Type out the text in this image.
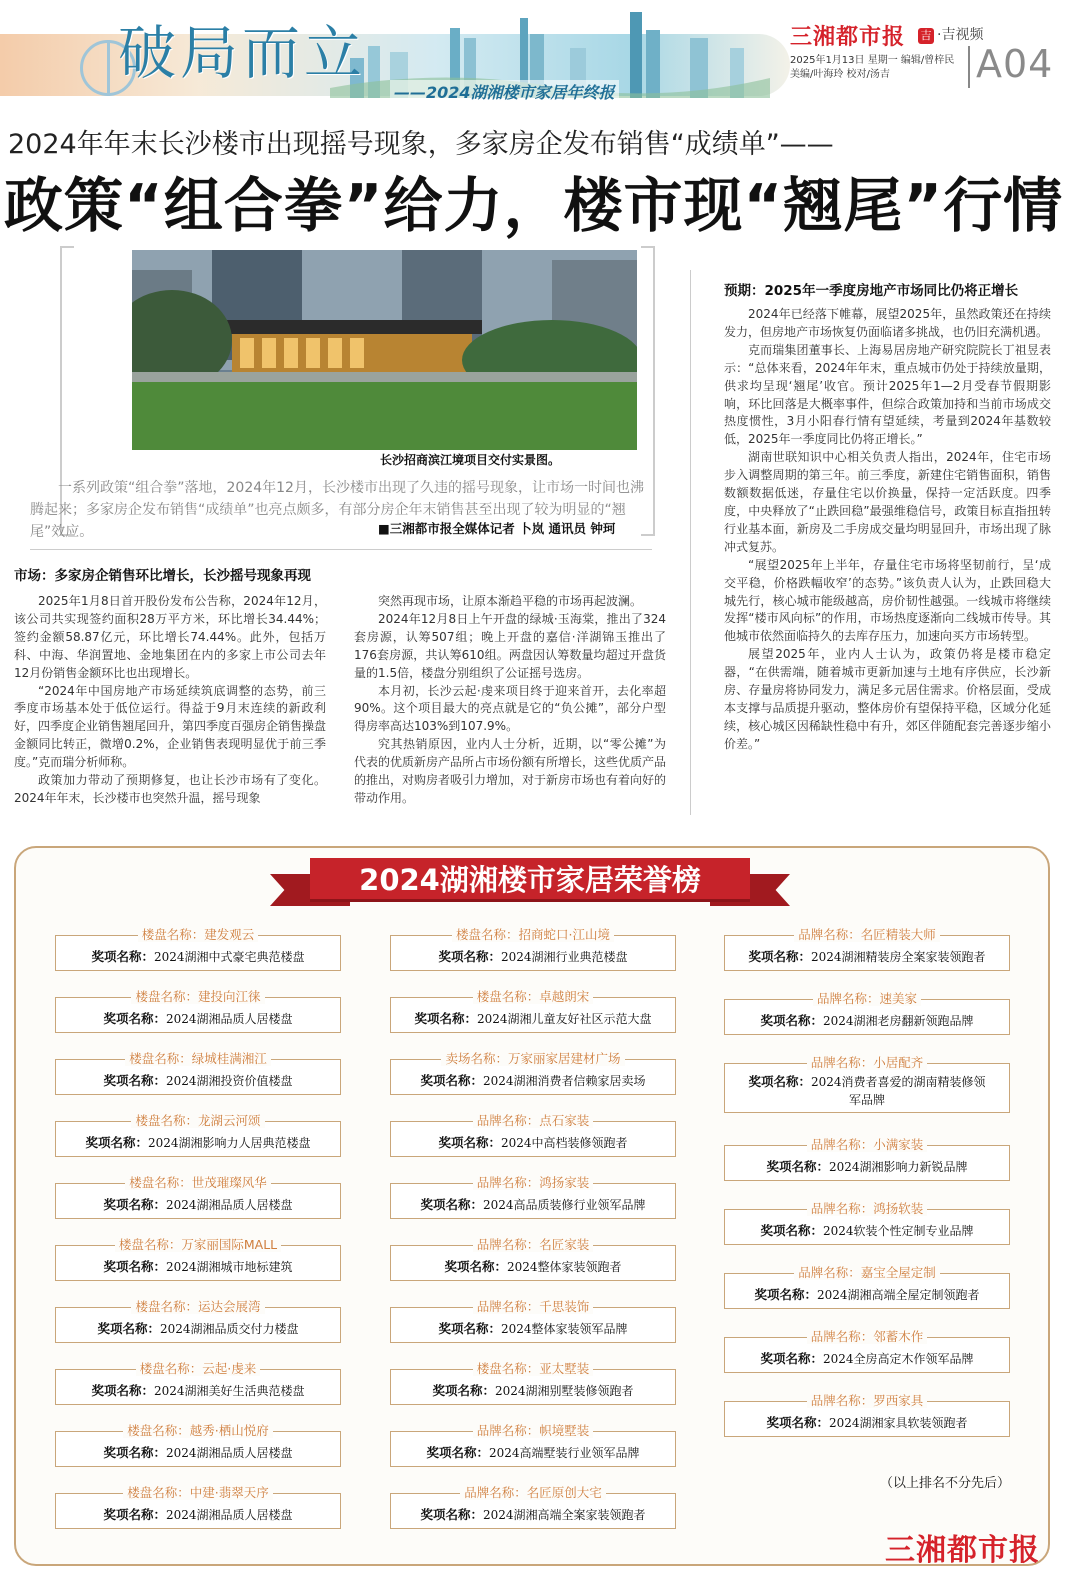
破局而立
——2024湖湘楼市家居年终报
三湘都市报 吉 ·吉视频
2025年1月13日 星期一 编辑/曾梓民
美编/叶海玲 校对/汤吉	A04
2024年年末长沙楼市出现摇号现象，多家房企发布销售“成绩单”——
政策“组合拳”给力，楼市现“翘尾”行情
长沙招商滨江境项目交付实景图。
一系列政策“组合拳”落地，2024年12月，长沙楼市出现了久违的摇号现象，让市场一时间也沸腾起来；多家房企发布销售“成绩单”也亮点颇多，有部分房企年末销售甚至出现了较为明显的“翘尾”效应。	■三湘都市报全媒体记者 卜岚 通讯员 钟珂
市场：多家房企销售环比增长，长沙摇号现象再现

2025年1月8日首开股份发布公告称，2024年12月，该公司共实现签约面积28万平方米，环比增长34.44%；签约金额58.87亿元，环比增长74.44%。此外，包括万科、中海、华润置地、金地集团在内的多家上市公司去年12月份销售金额环比也出现增长。

“2024年中国房地产市场延续筑底调整的态势，前三季度市场基本处于低位运行。得益于9月末连续的新政利好，四季度企业销售翘尾回升，第四季度百强房企销售操盘金额同比转正，微增0.2%，企业销售表现明显优于前三季度。”克而瑞分析师称。

政策加力带动了预期修复，也让长沙市场有了变化。2024年年末，长沙楼市也突然升温，摇号现象

突然再现市场，让原本渐趋平稳的市场再起波澜。

2024年12月8日上午开盘的绿城·玉海棠，推出了324套房源，认筹507组；晚上开盘的嘉信·洋湖锦玉推出了176套房源，共认筹610组。两盘因认筹数量均超过开盘货量的1.5倍，楼盘分别组织了公证摇号选房。

本月初，长沙云起·虔来项目终于迎来首开，去化率超90%。这个项目最大的亮点就是它的“负公摊”，部分户型得房率高达103%到107.9%。

究其热销原因，业内人士分析，近期，以“零公摊”为代表的优质新房产品所占市场份额有所增长，这些优质产品的推出，对购房者吸引力增加，对于新房市场也有着向好的带动作用。

预期：2025年一季度房地产市场同比仍将正增长

2024年已经落下帷幕，展望2025年，虽然政策还在持续发力，但房地产市场恢复仍面临诸多挑战，也仍旧充满机遇。

克而瑞集团董事长、上海易居房地产研究院院长丁祖昱表示：“总体来看，2024年年末，重点城市仍处于持续放量期，供求均呈现‘翘尾’收官。预计2025年1—2月受春节假期影响，环比回落是大概率事件，但综合政策加持和当前市场成交热度惯性，3月小阳春行情有望延续，考量到2024年基数较低，2025年一季度同比仍将正增长。”

湖南世联知识中心相关负责人指出，2024年，住宅市场步入调整周期的第三年。前三季度，新建住宅销售面积，销售数额数据低迷，存量住宅以价换量，保持一定活跃度。四季度，中央释放了“止跌回稳”最强维稳信号，政策目标直指扭转行业基本面，新房及二手房成交量均明显回升，市场出现了脉冲式复苏。

“展望2025年上半年，存量住宅市场将坚韧前行，呈‘成交平稳，价格跌幅收窄’的态势。”该负责人认为，止跌回稳大城先行，核心城市能级越高，房价韧性越强。一线城市将继续发挥“楼市风向标”的作用，市场热度逐渐向二线城市传导。其他城市依然面临持久的去库存压力，加速向买方市场转型。

展望2025年，业内人士认为，政策仍将是楼市稳定器，“在供需端，随着城市更新加速与土地有序供应，长沙新房、存量房将协同发力，满足多元居住需求。价格层面，受成本支撑与品质提升驱动，整体房价有望保持平稳，区域分化延续，核心城区因稀缺性稳中有升，郊区伴随配套完善逐步缩小价差。”

2024湖湘楼市家居荣誉榜
楼盘名称：建发观云
奖项名称：2024湖湘中式豪宅典范楼盘
楼盘名称：建投向江徕
奖项名称：2024湖湘品质人居楼盘
楼盘名称：绿城桂满湘江
奖项名称：2024湖湘投资价值楼盘
楼盘名称：龙湖云河颂
奖项名称：2024湖湘影响力人居典范楼盘
楼盘名称：世茂璀璨风华
奖项名称：2024湖湘品质人居楼盘
楼盘名称：万家丽国际MALL
奖项名称：2024湖湘城市地标建筑
楼盘名称：运达会展湾
奖项名称：2024湖湘品质交付力楼盘
楼盘名称：云起·虔来
奖项名称：2024湖湘美好生活典范楼盘
楼盘名称：越秀·栖山悦府
奖项名称：2024湖湘品质人居楼盘
楼盘名称：中建·翡翠天序
奖项名称：2024湖湘品质人居楼盘
楼盘名称：招商蛇口·江山境
奖项名称：2024湖湘行业典范楼盘
楼盘名称：卓越朗宋
奖项名称：2024湖湘儿童友好社区示范大盘
卖场名称：万家丽家居建材广场
奖项名称：2024湖湘消费者信赖家居卖场
品牌名称：点石家装
奖项名称：2024中高档装修领跑者
品牌名称：鸿扬家装
奖项名称：2024高品质装修行业领军品牌
品牌名称：名匠家装
奖项名称：2024整体家装领跑者
品牌名称：千思装饰
奖项名称：2024整体家装领军品牌
楼盘名称：亚太墅装
奖项名称：2024湖湘别墅装修领跑者
品牌名称：帜境墅装
奖项名称：2024高端墅装行业领军品牌
品牌名称：名匠原创大宅
奖项名称：2024湖湘高端全案家装领跑者
品牌名称：名匠精装大师
奖项名称：2024湖湘精装房全案家装领跑者
品牌名称：速美家
奖项名称：2024湖湘老房翻新领跑品牌
品牌名称：小居配齐
奖项名称：2024消费者喜爱的湖南精装修领军品牌
品牌名称：小满家装
奖项名称：2024湖湘影响力新锐品牌
品牌名称：鸿扬软装
奖项名称：2024软装个性定制专业品牌
品牌名称：嘉宝全屋定制
奖项名称：2024湖湘高端全屋定制领跑者
品牌名称：邻蓄木作
奖项名称：2024全房高定木作领军品牌
品牌名称：罗西家具
奖项名称：2024湖湘家具软装领跑者
（以上排名不分先后）
三湘都市报
